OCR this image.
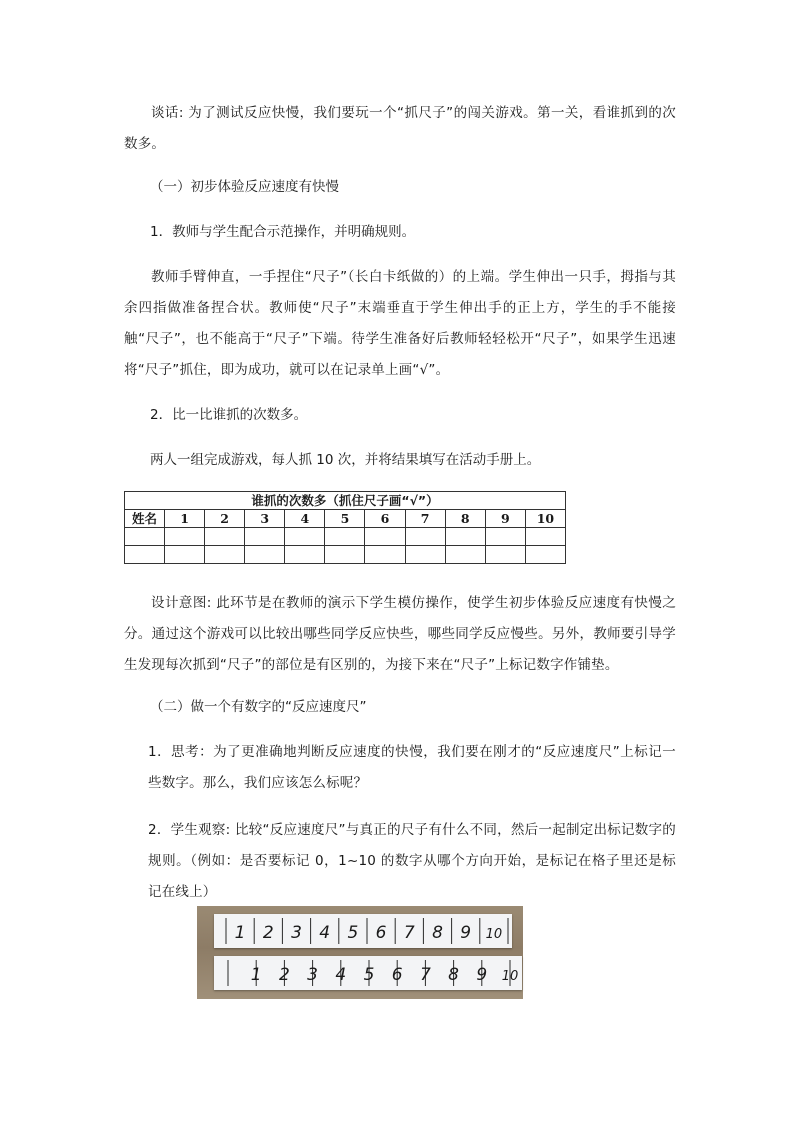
谈话: 为了测试反应快慢，我们要玩一个“抓尺子”的闯关游戏。第一关，看谁抓到的次数多。

（一）初步体验反应速度有快慢

1．教师与学生配合示范操作，并明确规则。

教师手臂伸直，一手捏住“尺子”（长白卡纸做的）的上端。学生伸出一只手，拇指与其余四指做准备捏合状。教师使“尺子”末端垂直于学生伸出手的正上方，学生的手不能接触“尺子”，也不能高于“尺子”下端。待学生准备好后教师轻轻松开“尺子”，如果学生迅速将“尺子”抓住，即为成功，就可以在记录单上画“√”。

2．比一比谁抓的次数多。

两人一组完成游戏，每人抓 10 次，并将结果填写在活动手册上。

谁抓的次数多（抓住尺子画“√”）										
姓名	1	2	3	4	5	6	7	8	9	10

设计意图: 此环节是在教师的演示下学生模仿操作，使学生初步体验反应速度有快慢之分。通过这个游戏可以比较出哪些同学反应快些，哪些同学反应慢些。另外，教师要引导学生发现每次抓到“尺子”的部位是有区别的，为接下来在“尺子”上标记数字作铺垫。

（二）做一个有数字的“反应速度尺”

1．思考：为了更准确地判断反应速度的快慢，我们要在刚才的“反应速度尺”上标记一些数字。那么，我们应该怎么标呢？

2．学生观察: 比较“反应速度尺”与真正的尺子有什么不同，然后一起制定出标记数字的规则。（例如：是否要标记 0，1~10 的数字从哪个方向开始，是标记在格子里还是标记在线上）

1 2 3 4 5 6 7 8 9 10
1 2 3 4 5 6 7 8 9 10
